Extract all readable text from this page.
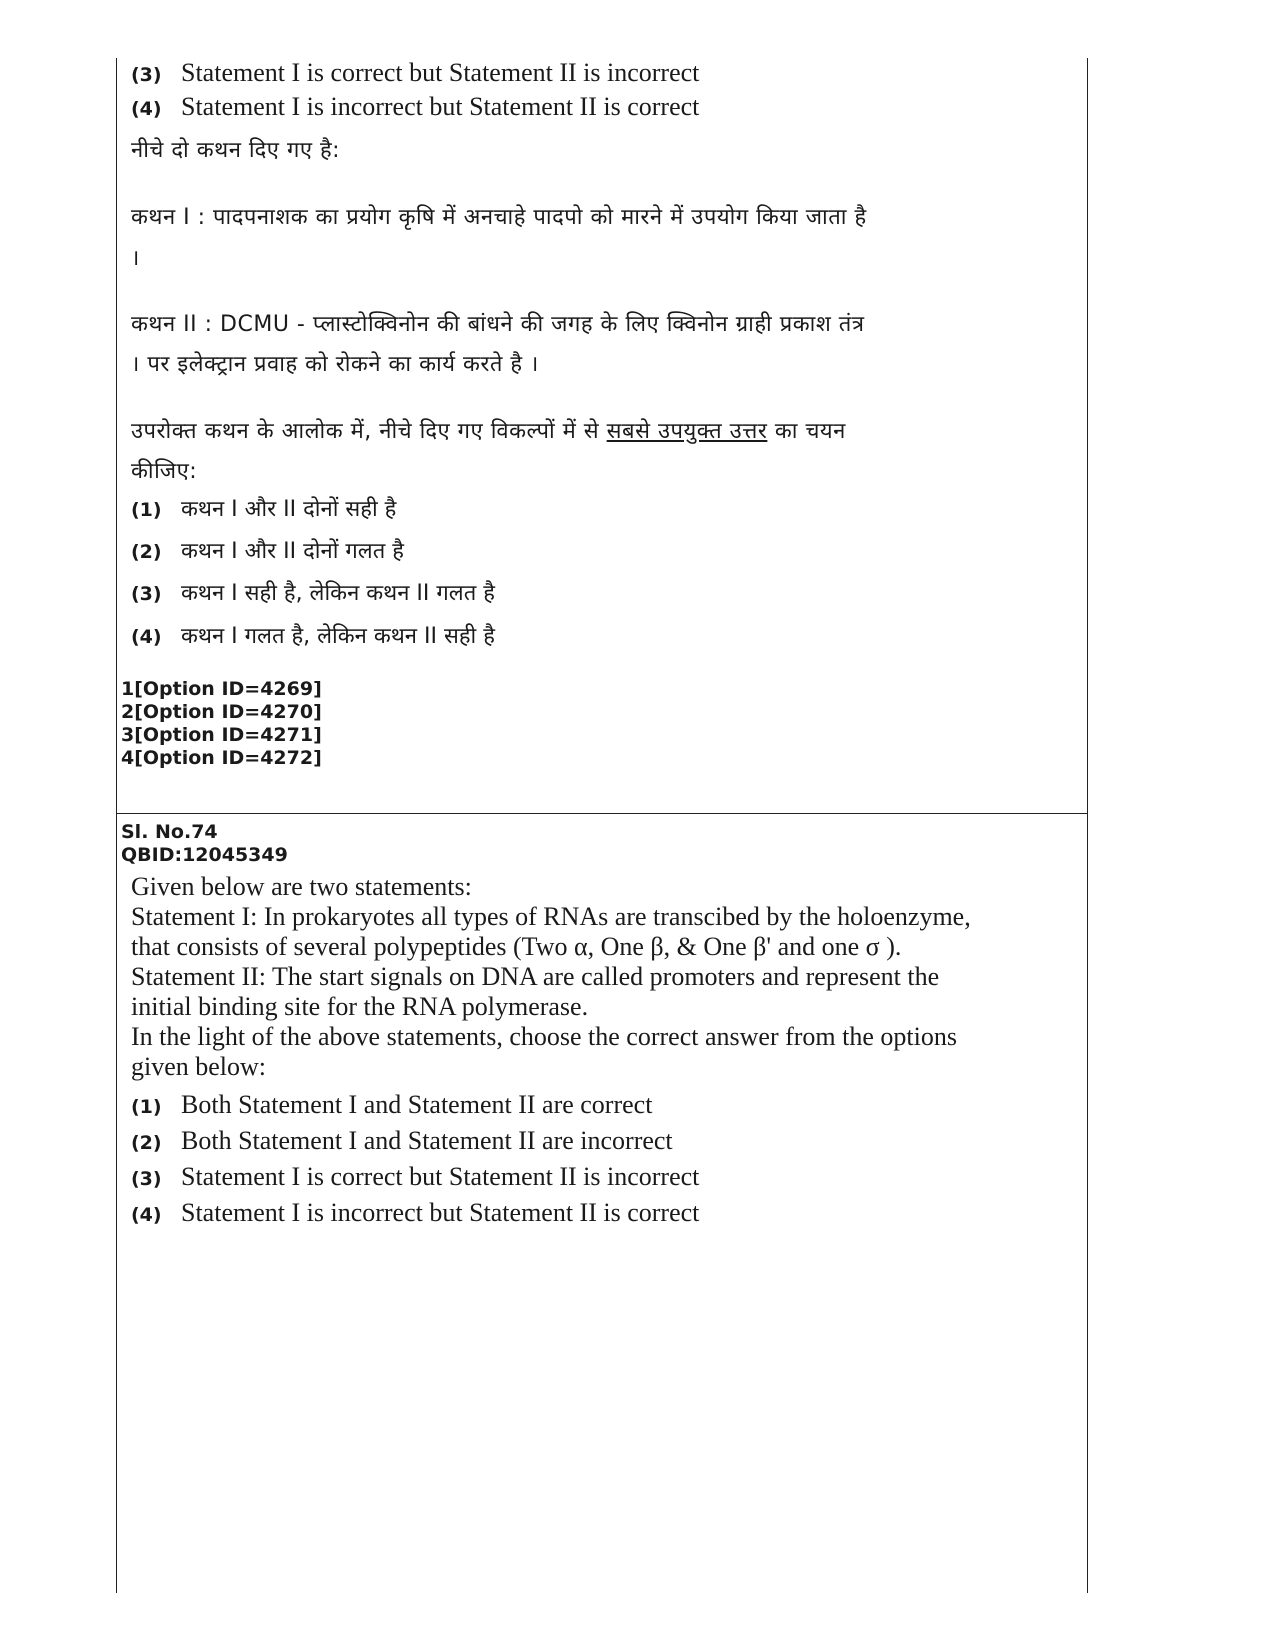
(3) Statement I is correct but Statement II is incorrect
(4) Statement I is incorrect but Statement II is correct
नीचे दो कथन दिए गए है:
कथन I : पादपनाशक का प्रयोग कृषि में अनचाहे पादपो को मारने में उपयोग किया जाता है
।
कथन II : DCMU - प्लास्टोक्विनोन की बांधने की जगह के लिए क्विनोन ग्राही प्रकाश तंत्र
। पर इलेक्ट्रान प्रवाह को रोकने का कार्य करते है ।
उपरोक्त कथन के आलोक में, नीचे दिए गए विकल्पों में से सबसे उपयुक्त उत्तर का चयन
कीजिए:
(1) कथन I और II दोनों सही है
(2) कथन I और II दोनों गलत है
(3) कथन I सही है, लेकिन कथन II गलत है
(4) कथन I गलत है, लेकिन कथन II सही है
1[Option ID=4269]
2[Option ID=4270]
3[Option ID=4271]
4[Option ID=4272]
Sl. No.74
QBID:12045349
Given below are two statements:
Statement I: In prokaryotes all types of RNAs are transcibed by the holoenzyme,
that consists of several polypeptides (Two α, One β, & One β' and one σ ).
Statement II: The start signals on DNA are called promoters and represent the
initial binding site for the RNA polymerase.
In the light of the above statements, choose the correct answer from the options
given below:
(1) Both Statement I and Statement II are correct
(2) Both Statement I and Statement II are incorrect
(3) Statement I is correct but Statement II is incorrect
(4) Statement I is incorrect but Statement II is correct
